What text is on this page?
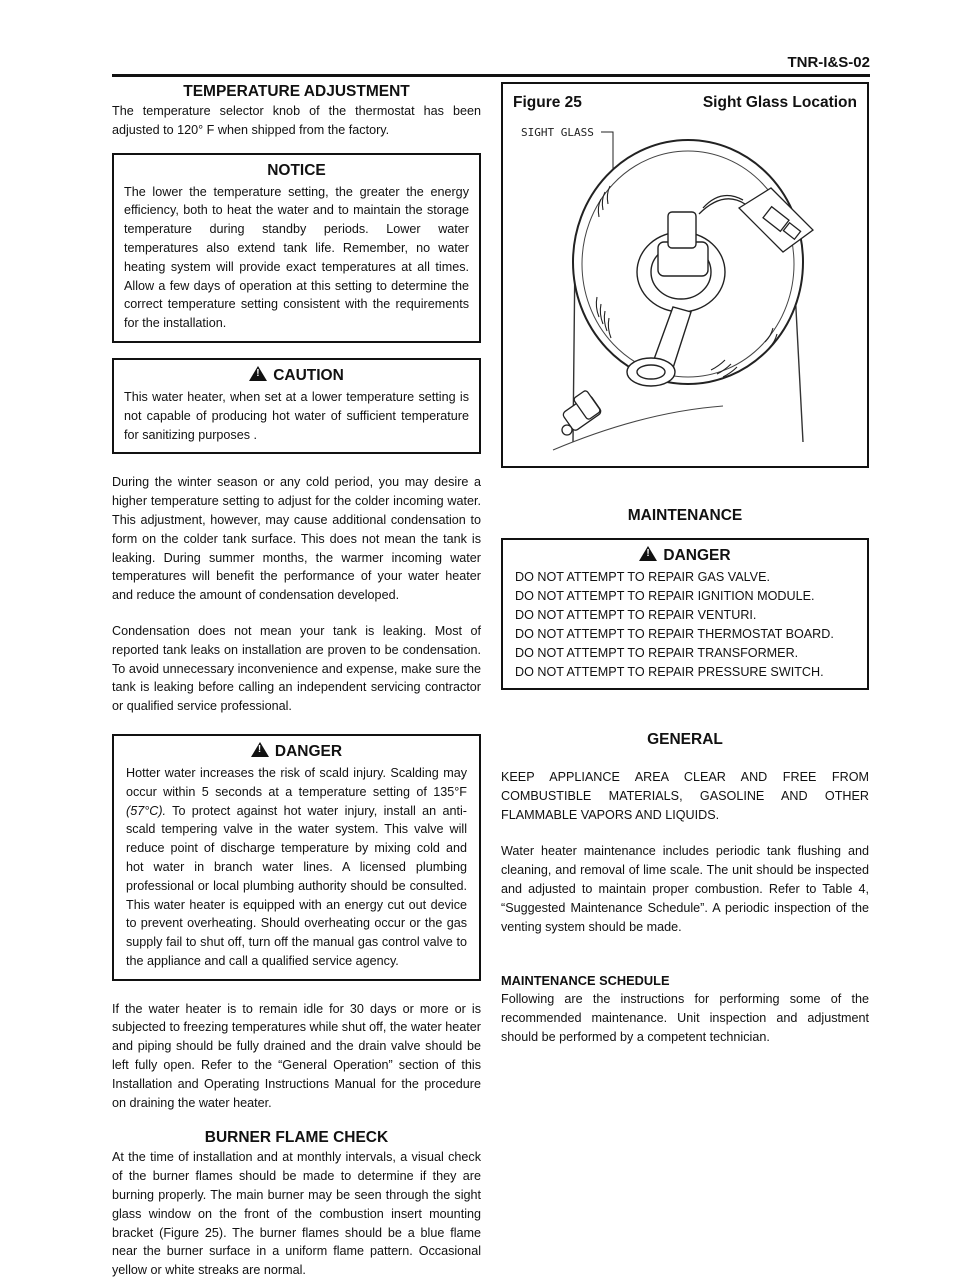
TNR-I&S-02
TEMPERATURE ADJUSTMENT

The temperature selector knob of the thermostat has been adjusted to 120° F when shipped from the factory.

NOTICE

The lower the temperature setting, the greater the energy efficiency, both to heat the water and to maintain the storage temperature during standby periods. Lower water temperatures also extend tank life. Remember, no water heating system will provide exact temperatures at all times. Allow a few days of operation at this setting to determine the correct temperature setting consistent with the requirements for the installation.

!CAUTION

This water heater, when set at a lower temperature setting is not capable of producing hot water of sufficient temperature for sanitizing purposes .

During the winter season or any cold period, you may desire a higher temperature setting to adjust for the colder incoming water. This adjustment, however, may cause additional condensation to form on the colder tank surface. This does not mean the tank is leaking. During summer months, the warmer incoming water temperatures will benefit the performance of your water heater and reduce the amount of condensation developed.

Condensation does not mean your tank is leaking. Most of reported tank leaks on installation are proven to be condensation. To avoid unnecessary inconvenience and expense, make sure the tank is leaking before calling an independent servicing contractor or qualified service professional.

!DANGER

Hotter water increases the risk of scald injury. Scalding may occur within 5 seconds at a temperature setting of 135°F (57°C). To protect against hot water injury, install an anti-scald tempering valve in the water system. This valve will reduce point of discharge temperature by mixing cold and hot water in branch water lines. A licensed plumbing professional or local plumbing authority should be consulted. This water heater is equipped with an energy cut out device to prevent overheating. Should overheating occur or the gas supply fail to shut off, turn off the manual gas control valve to the appliance and call a qualified service agency.

If the water heater is to remain idle for 30 days or more or is subjected to freezing temperatures while shut off, the water heater and piping should be fully drained and the drain valve should be left fully open. Refer to the “General Operation” section of this Installation and Operating Instructions Manual for the procedure on draining the water heater.

BURNER FLAME CHECK

At the time of installation and at monthly intervals, a visual check of the burner flames should be made to determine if they are burning properly. The main burner may be seen through the sight glass window on the front of the combustion insert mounting bracket (Figure 25). The burner flames should be a blue flame near the burner surface in a uniform flame pattern. Occasional yellow or white streaks are normal.

Figure 25	Sight Glass Location
SIGHT GLASS
MAINTENANCE
!DANGER

DO NOT ATTEMPT TO REPAIR GAS VALVE.

DO NOT ATTEMPT TO REPAIR IGNITION MODULE.

DO NOT ATTEMPT TO REPAIR VENTURI.

DO NOT ATTEMPT TO REPAIR THERMOSTAT BOARD.

DO NOT ATTEMPT TO REPAIR TRANSFORMER.

DO NOT ATTEMPT TO REPAIR PRESSURE SWITCH.

GENERAL

KEEP APPLIANCE AREA CLEAR AND FREE FROM COMBUSTIBLE MATERIALS, GASOLINE AND OTHER FLAMMABLE VAPORS AND LIQUIDS.

Water heater maintenance includes periodic tank flushing and cleaning, and removal of lime scale. The unit should be inspected and adjusted to maintain proper combustion. Refer to Table 4, “Suggested Maintenance Schedule”. A periodic inspection of the venting system should be made.

MAINTENANCE SCHEDULE

Following are the instructions for performing some of the recommended maintenance. Unit inspection and adjustment should be performed by a competent technician.
